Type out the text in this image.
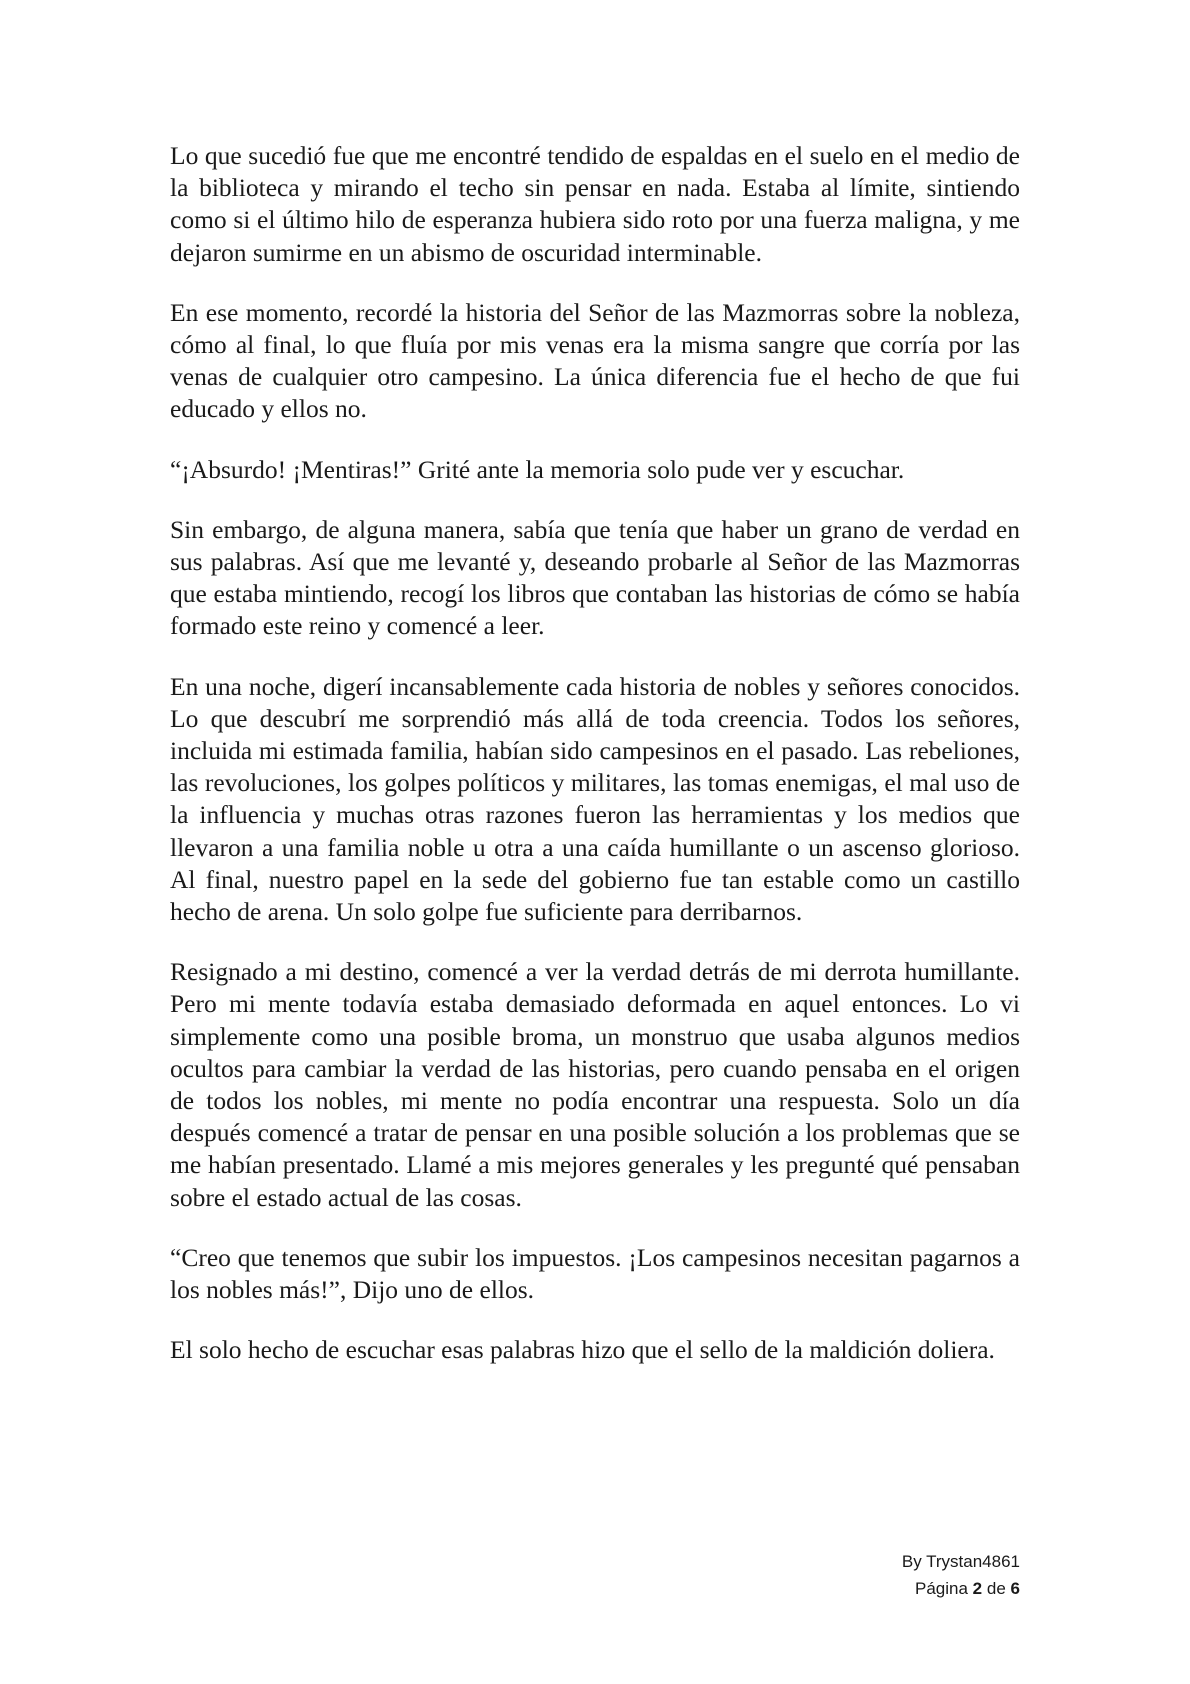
Lo que sucedió fue que me encontré tendido de espaldas en el suelo en el medio de la biblioteca y mirando el techo sin pensar en nada. Estaba al límite, sintiendo como si el último hilo de esperanza hubiera sido roto por una fuerza maligna, y me dejaron sumirme en un abismo de oscuridad interminable.

En ese momento, recordé la historia del Señor de las Mazmorras sobre la nobleza, cómo al final, lo que fluía por mis venas era la misma sangre que corría por las venas de cualquier otro campesino. La única diferencia fue el hecho de que fui educado y ellos no.

“¡Absurdo! ¡Mentiras!” Grité ante la memoria solo pude ver y escuchar.

Sin embargo, de alguna manera, sabía que tenía que haber un grano de verdad en sus palabras. Así que me levanté y, deseando probarle al Señor de las Mazmorras que estaba mintiendo, recogí los libros que contaban las historias de cómo se había formado este reino y comencé a leer.

En una noche, digerí incansablemente cada historia de nobles y señores conocidos. Lo que descubrí me sorprendió más allá de toda creencia. Todos los señores, incluida mi estimada familia, habían sido campesinos en el pasado. Las rebeliones, las revoluciones, los golpes políticos y militares, las tomas enemigas, el mal uso de la influencia y muchas otras razones fueron las herramientas y los medios que llevaron a una familia noble u otra a una caída humillante o un ascenso glorioso. Al final, nuestro papel en la sede del gobierno fue tan estable como un castillo hecho de arena. Un solo golpe fue suficiente para derribarnos.

Resignado a mi destino, comencé a ver la verdad detrás de mi derrota humillante. Pero mi mente todavía estaba demasiado deformada en aquel entonces. Lo vi simplemente como una posible broma, un monstruo que usaba algunos medios ocultos para cambiar la verdad de las historias, pero cuando pensaba en el origen de todos los nobles, mi mente no podía encontrar una respuesta. Solo un día después comencé a tratar de pensar en una posible solución a los problemas que se me habían presentado. Llamé a mis mejores generales y les pregunté qué pensaban sobre el estado actual de las cosas.

“Creo que tenemos que subir los impuestos. ¡Los campesinos necesitan pagarnos a los nobles más!”, Dijo uno de ellos.

El solo hecho de escuchar esas palabras hizo que el sello de la maldición doliera.

By Trystan4861
Página 2 de 6
